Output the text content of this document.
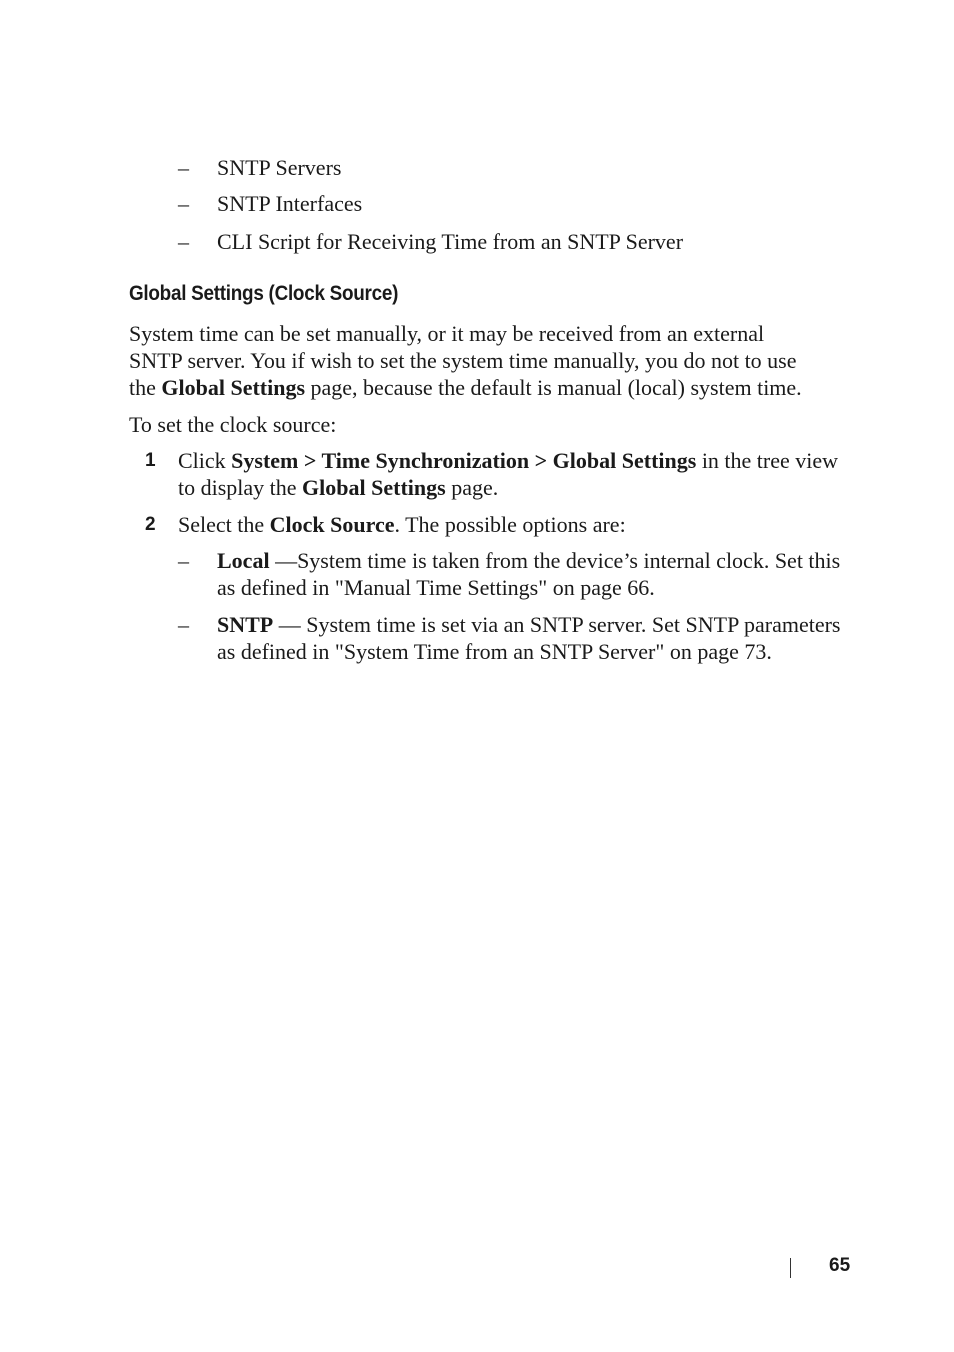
– SNTP Servers
– SNTP Interfaces
– CLI Script for Receiving Time from an SNTP Server
Global Settings (Clock Source)
System time can be set manually, or it may be received from an external
SNTP server. You if wish to set the system time manually, you do not to use
the Global Settings page, because the default is manual (local) system time.
To set the clock source:
1 Click System > Time Synchronization > Global Settings in the tree view
to display the Global Settings page.
2 Select the Clock Source. The possible options are:
– Local —System time is taken from the device’s internal clock. Set this
as defined in "Manual Time Settings" on page 66.
– SNTP — System time is set via an SNTP server. Set SNTP parameters
as defined in "System Time from an SNTP Server" on page 73.
65
